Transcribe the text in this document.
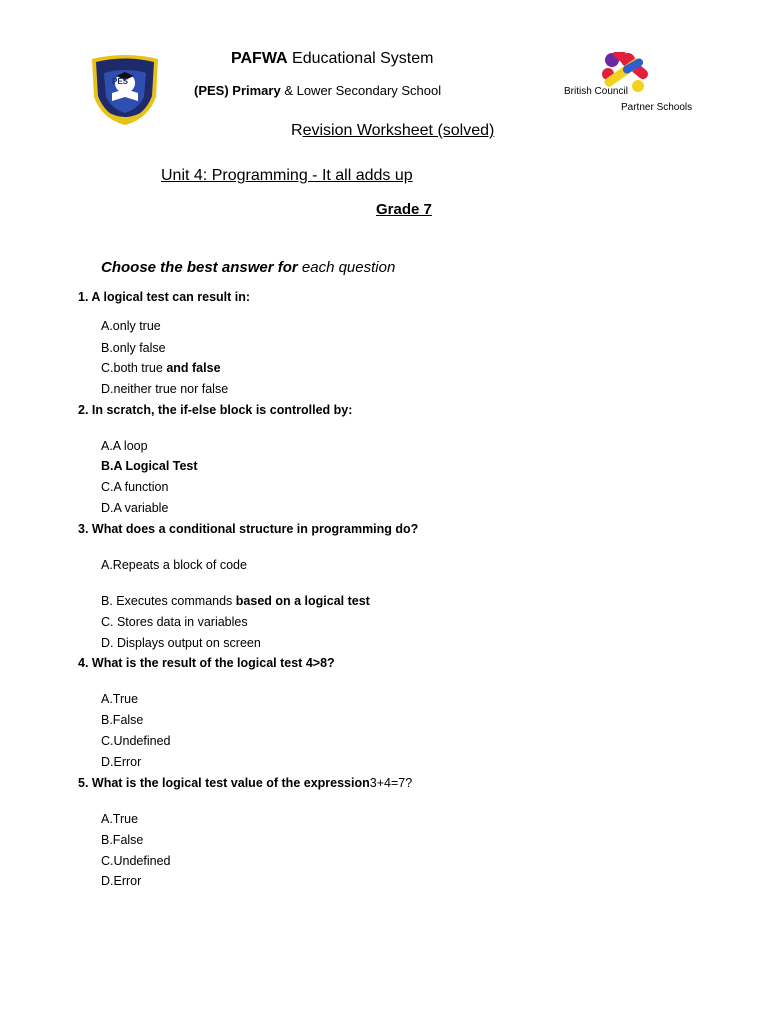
PES
British Council
Partner Schools
PAFWA Educational System
(PES) Primary & Lower Secondary School
Revision Worksheet (solved)
Unit 4: Programming - It all adds up
Grade 7
Choose the best answer for each question
1. A logical test can result in:
A.only true
B.only false
C.both true and false
D.neither true nor false
2. In scratch, the if-else block is controlled by:
A.A loop
B.A Logical Test
C.A function
D.A variable
3. What does a conditional structure in programming do?
A.Repeats a block of code
B. Executes commands based on a logical test
C. Stores data in variables
D. Displays output on screen
4. What is the result of the logical test 4>8?
A.True
B.False
C.Undefined
D.Error
5. What is the logical test value of the expression3+4=7?
A.True
B.False
C.Undefined
D.Error
